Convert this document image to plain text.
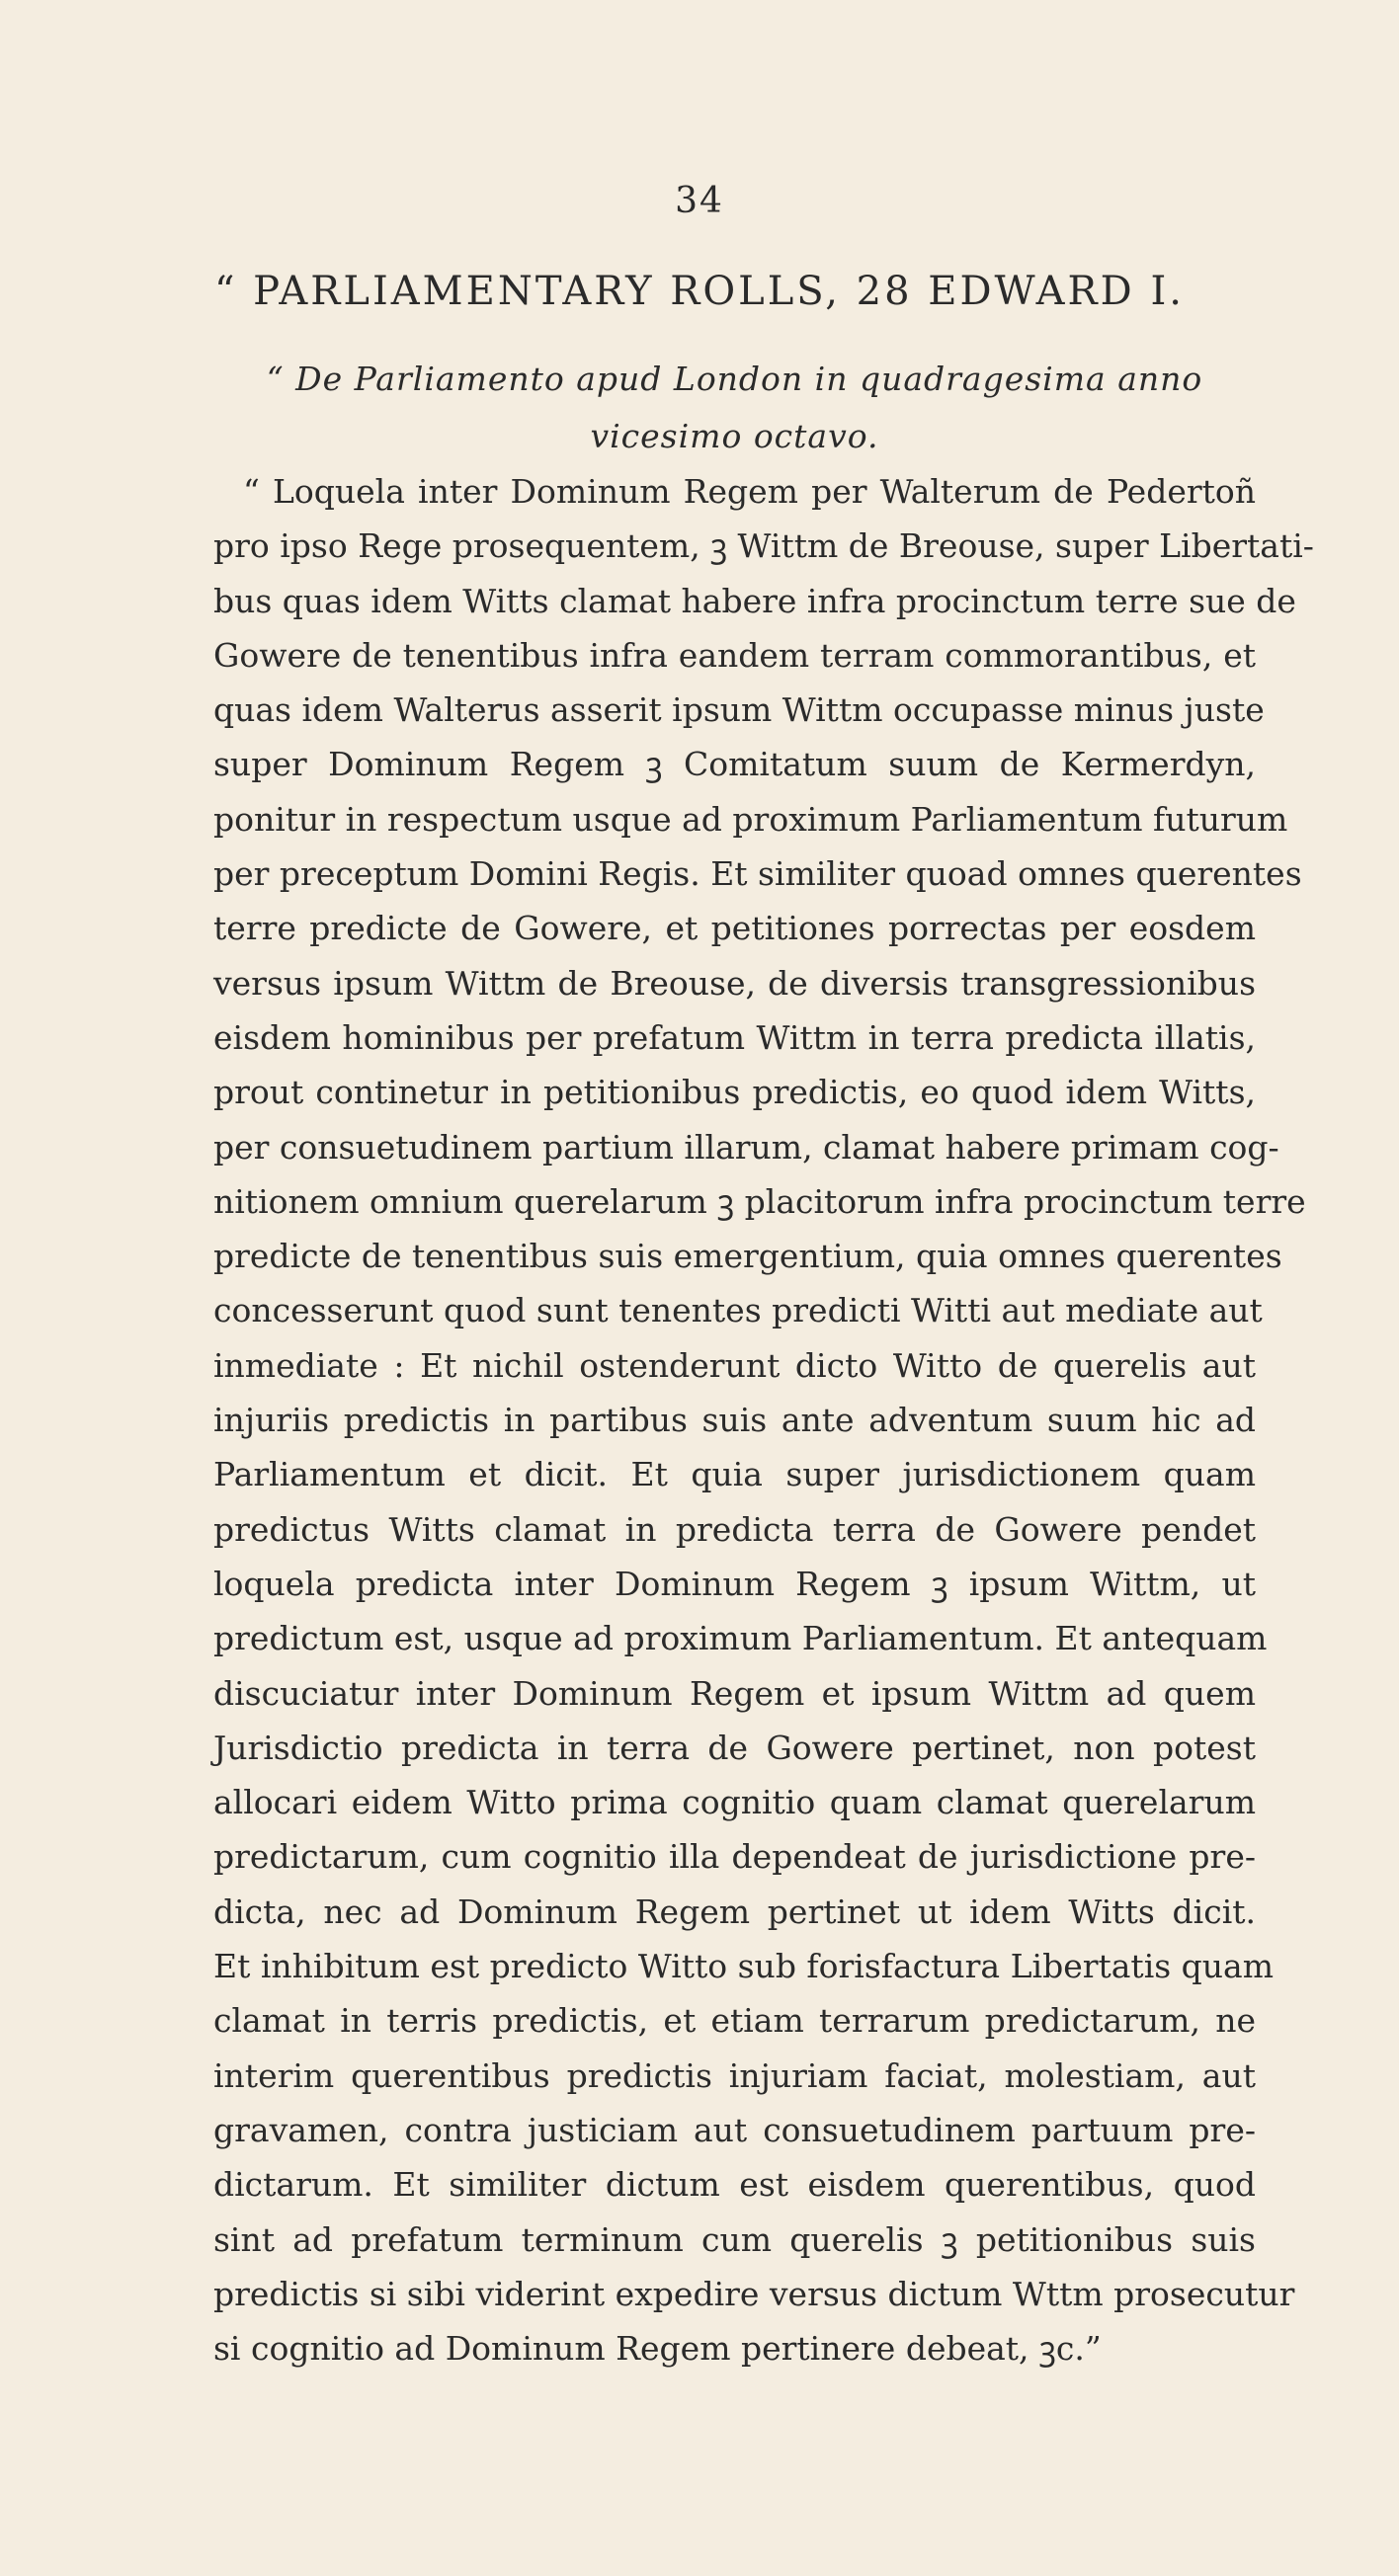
34
“ PARLIAMENTARY ROLLS, 28 EDWARD I.
“ De Parliamento apud London in quadragesima anno vicesimo octavo.
“ Loquela inter Dominum Regem per Walterum de Pedertoñ
pro ipso Rege prosequentem, ꝫ Wittm de Breouse, super Libertati-
bus quas idem Witts clamat habere infra procinctum terre sue de
Gowere de tenentibus infra eandem terram commorantibus, et
quas idem Walterus asserit ipsum Wittm occupasse minus juste
super Dominum Regem ꝫ Comitatum suum de Kermerdyn,
ponitur in respectum usque ad proximum Parliamentum futurum
per preceptum Domini Regis. Et similiter quoad omnes querentes
terre predicte de Gowere, et petitiones porrectas per eosdem
versus ipsum Wittm de Breouse, de diversis transgressionibus
eisdem hominibus per prefatum Wittm in terra predicta illatis,
prout continetur in petitionibus predictis, eo quod idem Witts,
per consuetudinem partium illarum, clamat habere primam cog-
nitionem omnium querelarum ꝫ placitorum infra procinctum terre
predicte de tenentibus suis emergentium, quia omnes querentes
concesserunt quod sunt tenentes predicti Witti aut mediate aut
inmediate : Et nichil ostenderunt dicto Witto de querelis aut
injuriis predictis in partibus suis ante adventum suum hic ad
Parliamentum et dicit. Et quia super jurisdictionem quam
predictus Witts clamat in predicta terra de Gowere pendet
loquela predicta inter Dominum Regem ꝫ ipsum Wittm, ut
predictum est, usque ad proximum Parliamentum. Et antequam
discuciatur inter Dominum Regem et ipsum Wittm ad quem
Jurisdictio predicta in terra de Gowere pertinet, non potest
allocari eidem Witto prima cognitio quam clamat querelarum
predictarum, cum cognitio illa dependeat de jurisdictione pre-
dicta, nec ad Dominum Regem pertinet ut idem Witts dicit.
Et inhibitum est predicto Witto sub forisfactura Libertatis quam
clamat in terris predictis, et etiam terrarum predictarum, ne
interim querentibus predictis injuriam faciat, molestiam, aut
gravamen, contra justiciam aut consuetudinem partuum pre-
dictarum. Et similiter dictum est eisdem querentibus, quod
sint ad prefatum terminum cum querelis ꝫ petitionibus suis
predictis si sibi viderint expedire versus dictum Wttm prosecutur
si cognitio ad Dominum Regem pertinere debeat, ꝫc.”
